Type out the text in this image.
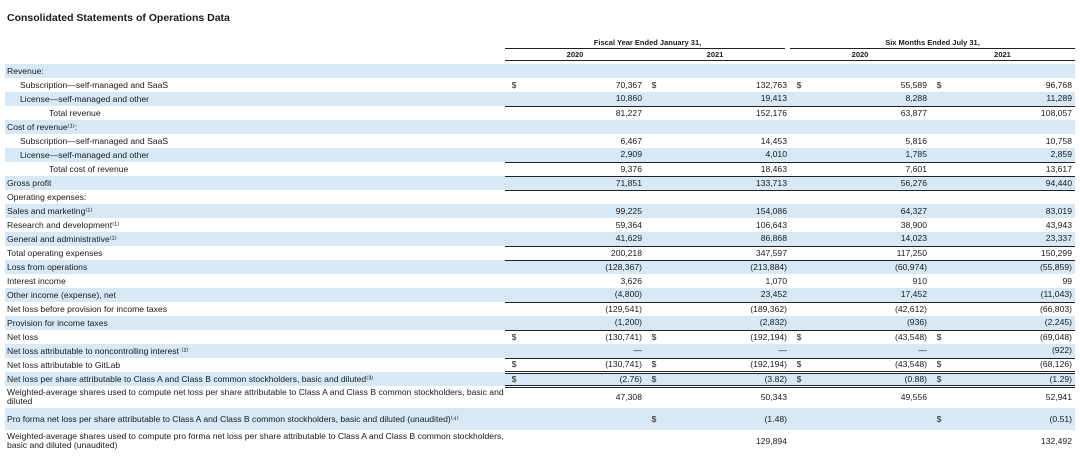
Consolidated Statements of Operations Data
Fiscal Year Ended January 31,	Six Months Ended July 31,
2020	2021	2020	2021
Revenue:								
Subscription—self-managed and SaaS	$	70,367	$	132,763	$	55,589	$	96,768
License—self-managed and other		10,860		19,413		8,288		11,289
Total revenue		81,227		152,176		63,877		108,057
Cost of revenue⁽¹⁾:								
Subscription—self-managed and SaaS		6,467		14,453		5,816		10,758
License—self-managed and other		2,909		4,010		1,785		2,859
Total cost of revenue		9,376		18,463		7,601		13,617
Gross profit		71,851		133,713		56,276		94,440
Operating expenses:								
Sales and marketing⁽¹⁾		99,225		154,086		64,327		83,019
Research and development⁽¹⁾		59,364		106,643		38,900		43,943
General and administrative⁽¹⁾		41,629		86,868		14,023		23,337
Total operating expenses		200,218		347,597		117,250		150,299
Loss from operations		(128,367)		(213,884)		(60,974)		(55,859)
Interest income		3,626		1,070		910		99
Other income (expense), net		(4,800)		23,452		17,452		(11,043)
Net loss before provision for income taxes		(129,541)		(189,362)		(42,612)		(66,803)
Provision for income taxes		(1,200)		(2,832)		(936)		(2,245)
Net loss	$	(130,741)	$	(192,194)	$	(43,548)	$	(69,048)
Net loss attributable to noncontrolling interest ⁽²⁾		—		—		—		(922)
Net loss attributable to GitLab	$	(130,741)	$	(192,194)	$	(43,548)	$	(68,126)
Net loss per share attributable to Class A and Class B common stockholders, basic and diluted⁽³⁾	$	(2.76)	$	(3.82)	$	(0.88)	$	(1.29)
Weighted-average shares used to compute net loss per share attributable to Class A and Class B common stockholders, basic and diluted		47,308		50,343		49,556		52,941
Pro forma net loss per share attributable to Class A and Class B common stockholders, basic and diluted (unaudited)⁽⁴⁾			$	(1.48)			$	(0.51)
Weighted-average shares used to compute pro forma net loss per share attributable to Class A and Class B common stockholders, basic and diluted (unaudited)				129,894				132,492
